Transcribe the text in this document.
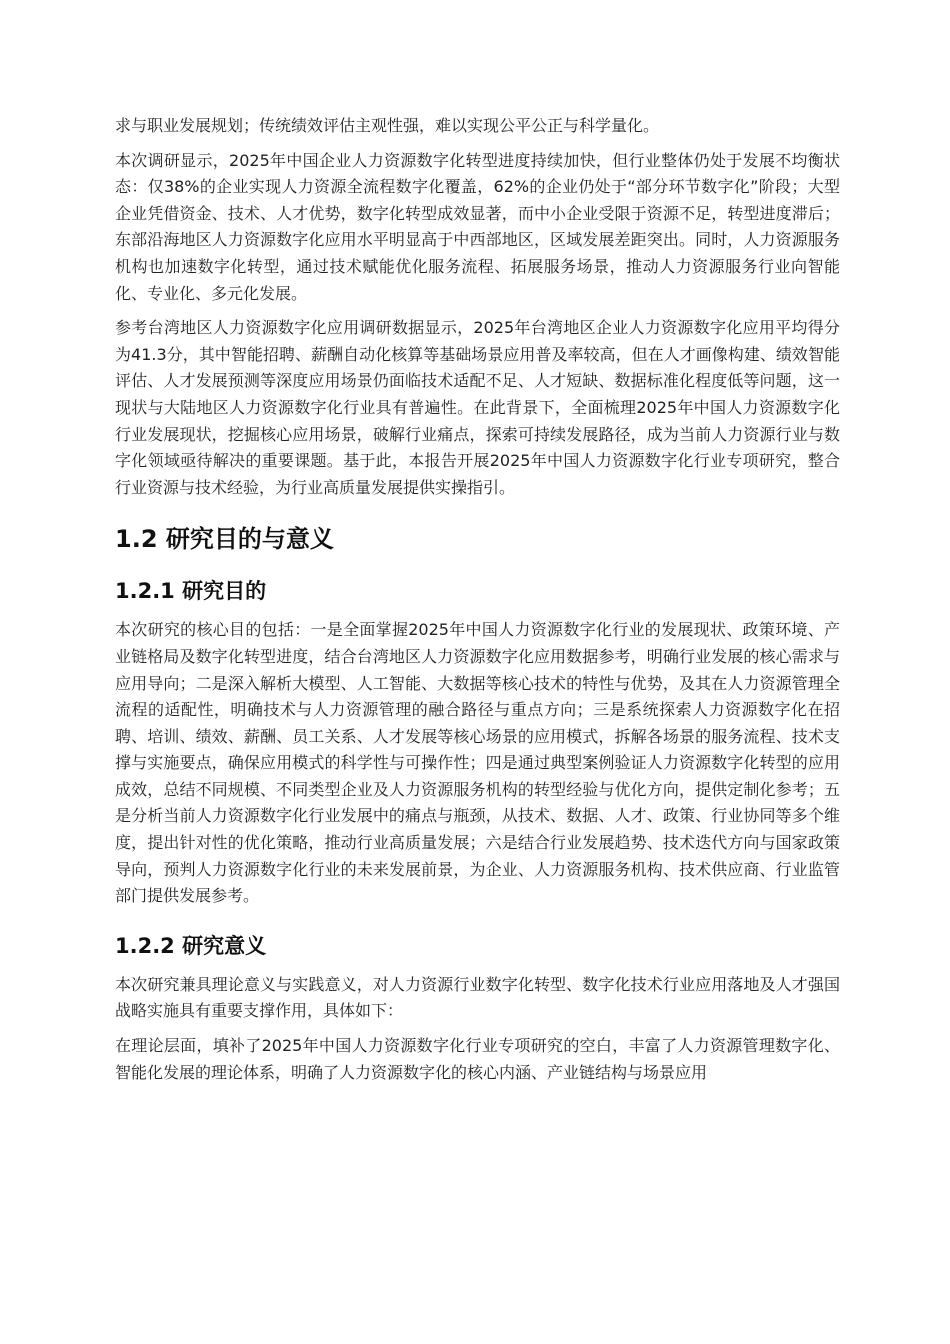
求与职业发展规划；传统绩效评估主观性强，难以实现公平公正与科学量化。

本次调研显示，2025年中国企业人力资源数字化转型进度持续加快，但行业整体仍处于发展不均衡状态：仅38%的企业实现人力资源全流程数字化覆盖，62%的企业仍处于“部分环节数字化”阶段；大型企业凭借资金、技术、人才优势，数字化转型成效显著，而中小企业受限于资源不足，转型进度滞后；东部沿海地区人力资源数字化应用水平明显高于中西部地区，区域发展差距突出。同时，人力资源服务机构也加速数字化转型，通过技术赋能优化服务流程、拓展服务场景，推动人力资源服务行业向智能化、专业化、多元化发展。

参考台湾地区人力资源数字化应用调研数据显示，2025年台湾地区企业人力资源数字化应用平均得分为41.3分，其中智能招聘、薪酬自动化核算等基础场景应用普及率较高，但在人才画像构建、绩效智能评估、人才发展预测等深度应用场景仍面临技术适配不足、人才短缺、数据标准化程度低等问题，这一现状与大陆地区人力资源数字化行业具有普遍性。在此背景下，全面梳理2025年中国人力资源数字化行业发展现状，挖掘核心应用场景，破解行业痛点，探索可持续发展路径，成为当前人力资源行业与数字化领域亟待解决的重要课题。基于此，本报告开展2025年中国人力资源数字化行业专项研究，整合行业资源与技术经验，为行业高质量发展提供实操指引。

1.2 研究目的与意义
1.2.1 研究目的

本次研究的核心目的包括：一是全面掌握2025年中国人力资源数字化行业的发展现状、政策环境、产业链格局及数字化转型进度，结合台湾地区人力资源数字化应用数据参考，明确行业发展的核心需求与应用导向；二是深入解析大模型、人工智能、大数据等核心技术的特性与优势，及其在人力资源管理全流程的适配性，明确技术与人力资源管理的融合路径与重点方向；三是系统探索人力资源数字化在招聘、培训、绩效、薪酬、员工关系、人才发展等核心场景的应用模式，拆解各场景的服务流程、技术支撑与实施要点，确保应用模式的科学性与可操作性；四是通过典型案例验证人力资源数字化转型的应用成效，总结不同规模、不同类型企业及人力资源服务机构的转型经验与优化方向，提供定制化参考；五是分析当前人力资源数字化行业发展中的痛点与瓶颈，从技术、数据、人才、政策、行业协同等多个维度，提出针对性的优化策略，推动行业高质量发展；六是结合行业发展趋势、技术迭代方向与国家政策导向，预判人力资源数字化行业的未来发展前景，为企业、人力资源服务机构、技术供应商、行业监管部门提供发展参考。

1.2.2 研究意义

本次研究兼具理论意义与实践意义，对人力资源行业数字化转型、数字化技术行业应用落地及人才强国战略实施具有重要支撑作用，具体如下：

在理论层面，填补了2025年中国人力资源数字化行业专项研究的空白，丰富了人力资源管理数字化、智能化发展的理论体系，明确了人力资源数字化的核心内涵、产业链结构与场景应用
